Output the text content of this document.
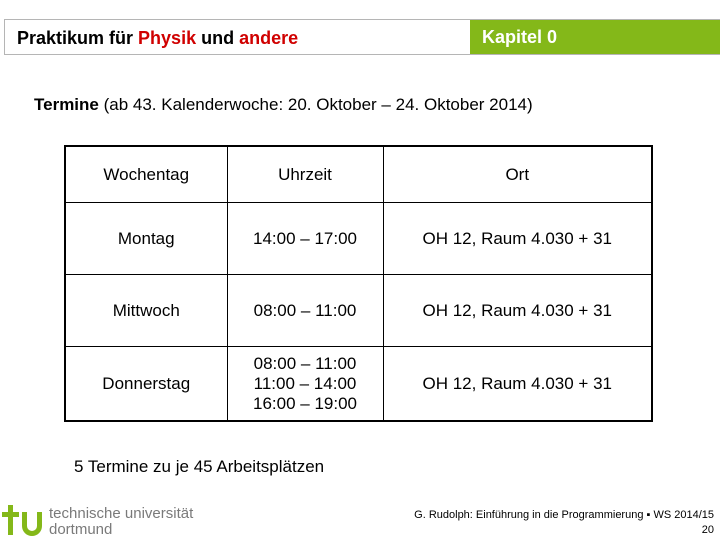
Praktikum für Physik und andere	Kapitel 0
Termine (ab 43. Kalenderwoche: 20. Oktober – 24. Oktober 2014)
Wochentag	Uhrzeit	Ort
Montag	14:00 – 17:00	OH 12, Raum 4.030 + 31
Mittwoch	08:00 – 11:00	OH 12, Raum 4.030 + 31
Donnerstag	08:00 – 11:00
11:00 – 14:00
16:00 – 19:00	OH 12, Raum 4.030 + 31
5 Termine zu je 45 Arbeitsplätzen
technische universität
dortmund
G. Rudolph: Einführung in die Programmierung ▪ WS 2014/15
20
